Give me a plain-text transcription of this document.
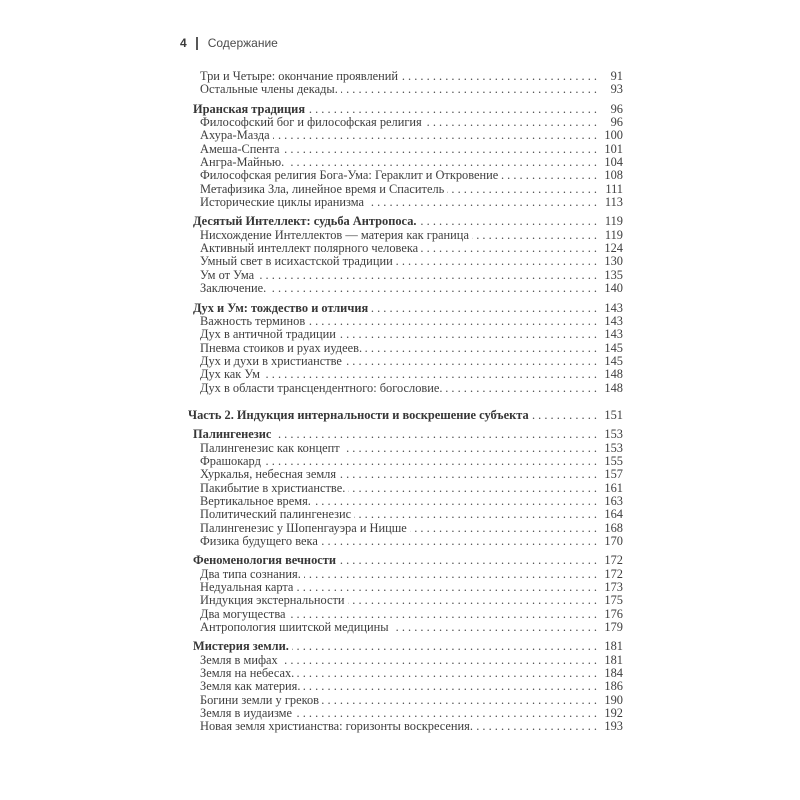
4 Содержание
Три и Четыре: окончание проявлений . . .	91
Остальные члены декады. . . .	93
Иранская традиция . . .	96
Философский бог и философская религия . . .	96
Ахура-Мазда . . .	100
Амеша-Спента . . .	101
Ангра-Майнью. . . .	104
Философская религия Бога-Ума: Гераклит и Откровение . . .	108
Метафизика Зла, линейное время и Спаситель . . .	111
Исторические циклы иранизма . . .	113
Десятый Интеллект: судьба Антропоса. . . .	119
Нисхождение Интеллектов — материя как граница . . .	119
Активный интеллект полярного человека . . .	124
Умный свет в исихастской традиции . . .	130
Ум от Ума . . .	135
Заключение. . . .	140
Дух и Ум: тождество и отличия . . .	143
Важность терминов . . .	143
Дух в античной традиции . . .	143
Пневма стоиков и руах иудеев. . . .	145
Дух и духи в христианстве . . .	145
Дух как Ум . . .	148
Дух в области трансцендентного: богословие. . . .	148
Часть 2. Индукция интернальности и воскрешение субъекта . . .	151
Палингенезис . . .	153
Палингенезис как концепт . . .	153
Фрашокард . . .	155
Хуркалья, небесная земля . . .	157
Пакибытие в христианстве. . . .	161
Вертикальное время. . . .	163
Политический палингенезис . . .	164
Палингенезис у Шопенгауэра и Ницше . . .	168
Физика будущего века . . .	170
Феноменология вечности . . .	172
Два типа сознания. . . .	172
Недуальная карта . . .	173
Индукция экстернальности . . .	175
Два могущества . . .	176
Антропология шиитской медицины . . .	179
Мистерия земли. . . .	181
Земля в мифах . . .	181
Земля на небесах. . . .	184
Земля как материя. . . .	186
Богини земли у греков . . .	190
Земля в иудаизме . . .	192
Новая земля христианства: горизонты воскресения. . . .	193
